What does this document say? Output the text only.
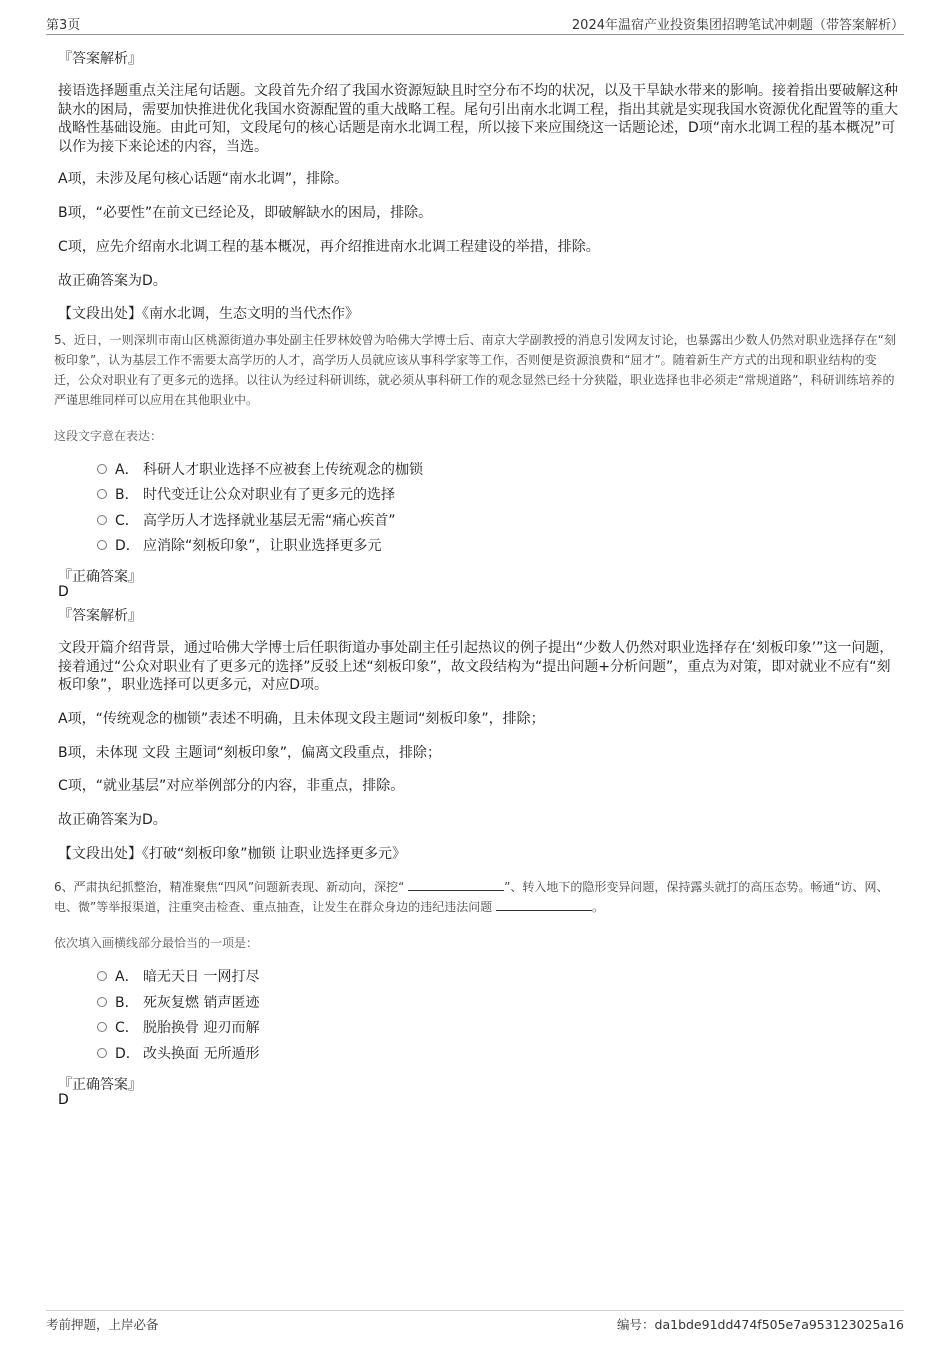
第3页	2024年温宿产业投资集团招聘笔试冲刺题（带答案解析）
『答案解析』
接语选择题重点关注尾句话题。文段首先介绍了我国水资源短缺且时空分布不均的状况，以及干旱缺水带来的影响。接着指出要破解这种缺水的困局，需要加快推进优化我国水资源配置的重大战略工程。尾句引出南水北调工程，指出其就是实现我国水资源优化配置等的重大战略性基础设施。由此可知，文段尾句的核心话题是南水北调工程，所以接下来应围绕这一话题论述，D项“南水北调工程的基本概况”可以作为接下来论述的内容，当选。
A项，未涉及尾句核心话题“南水北调”，排除。
B项，“必要性”在前文已经论及，即破解缺水的困局，排除。
C项，应先介绍南水北调工程的基本概况，再介绍推进南水北调工程建设的举措，排除。
故正确答案为D。
【文段出处】《南水北调，生态文明的当代杰作》
5、近日，一则深圳市南山区桃源街道办事处副主任罗林姣曾为哈佛大学博士后、南京大学副教授的消息引发网友讨论，也暴露出少数人仍然对职业选择存在“刻板印象”，认为基层工作不需要太高学历的人才，高学历人员就应该从事科学家等工作，否则便是资源浪费和“屈才”。随着新生产方式的出现和职业结构的变迁，公众对职业有了更多元的选择。以往认为经过科研训练，就必须从事科研工作的观念显然已经十分狭隘，职业选择也非必须走“常规道路”，科研训练培养的严谨思维同样可以应用在其他职业中。
这段文字意在表达：
A． 科研人才职业选择不应被套上传统观念的枷锁
B． 时代变迁让公众对职业有了更多元的选择
C． 高学历人才选择就业基层无需“痛心疾首”
D． 应消除“刻板印象”，让职业选择更多元
『正确答案』
D
『答案解析』
文段开篇介绍背景，通过哈佛大学博士后任职街道办事处副主任引起热议的例子提出“少数人仍然对职业选择存在‘刻板印象’”这一问题，接着通过“公众对职业有了更多元的选择”反驳上述“刻板印象”，故文段结构为“提出问题+分析问题”，重点为对策，即对就业不应有“刻板印象”，职业选择可以更多元，对应D项。
A项，“传统观念的枷锁”表述不明确，且未体现文段主题词“刻板印象”，排除；
B项，未体现 文段 主题词“刻板印象”，偏离文段重点，排除；
C项，“就业基层”对应举例部分的内容，非重点，排除。
故正确答案为D。
【文段出处】《打破“刻板印象”枷锁 让职业选择更多元》
6、严肃执纪抓整治，精准聚焦“四风”问题新表现、新动向，深挖“	”、转入地下的隐形变异问题，保持露头就打的高压态势。畅通“访、网、电、微”等举报渠道，注重突击检查、重点抽查，让发生在群众身边的违纪违法问题	。
依次填入画横线部分最恰当的一项是：
A． 暗无天日 一网打尽
B． 死灰复燃 销声匿迹
C． 脱胎换骨 迎刃而解
D． 改头换面 无所遁形
『正确答案』
D
考前押题，上岸必备	编号：da1bde91dd474f505e7a953123025a16
